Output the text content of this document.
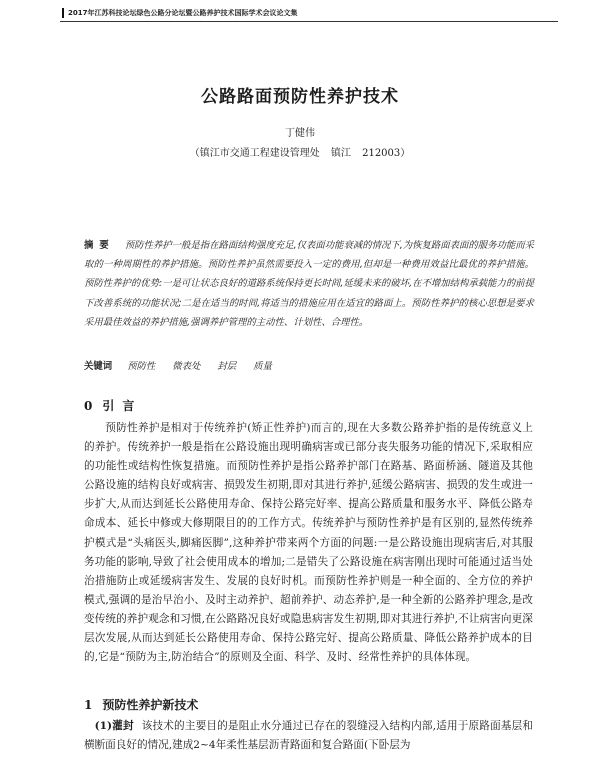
2017年江苏科技论坛绿色公路分论坛暨公路养护技术国际学术会议论文集
公路路面预防性养护技术
丁健伟
（镇江市交通工程建设管理处 镇江 212003）
摘要 预防性养护一般是指在路面结构强度充足,仅表面功能衰减的情况下,为恢复路面表面的服务功能而采取的一种周期性的养护措施。预防性养护虽然需要投入一定的费用,但却是一种费用效益比最优的养护措施。预防性养护的优势:一是可让状态良好的道路系统保持更长时间,延缓未来的破坏,在不增加结构承载能力的前提下改善系统的功能状况;二是在适当的时间,将适当的措施应用在适宜的路面上。预防性养护的核心思想是要求采用最佳效益的养护措施,强调养护管理的主动性、计划性、合理性。
关键词 预防性 微表处 封层 质量
0 引言
预防性养护是相对于传统养护(矫正性养护)而言的,现在大多数公路养护指的是传统意义上的养护。传统养护一般是指在公路设施出现明确病害或已部分丧失服务功能的情况下,采取相应的功能性或结构性恢复措施。而预防性养护是指公路养护部门在路基、路面桥涵、隧道及其他公路设施的结构良好或病害、损毁发生初期,即对其进行养护,延缓公路病害、损毁的发生或进一步扩大,从而达到延长公路使用寿命、保持公路完好率、提高公路质量和服务水平、降低公路寿命成本、延长中修或大修期限目的的工作方式。传统养护与预防性养护是有区别的,显然传统养护模式是“头痛医头,脚痛医脚”,这种养护带来两个方面的问题:一是公路设施出现病害后,对其服务功能的影响,导致了社会使用成本的增加;二是错失了公路设施在病害刚出现时可能通过适当处治措施防止或延缓病害发生、发展的良好时机。而预防性养护则是一种全面的、全方位的养护模式,强调的是治早治小、及时主动养护、超前养护、动态养护,是一种全新的公路养护理念,是改变传统的养护观念和习惯,在公路路况良好或隐患病害发生初期,即对其进行养护,不让病害向更深层次发展,从而达到延长公路使用寿命、保持公路完好、提高公路质量、降低公路养护成本的目的,它是“预防为主,防治结合”的原则及全面、科学、及时、经常性养护的具体体现。
1 预防性养护新技术
(1)灌封 该技术的主要目的是阻止水分通过已存在的裂缝浸入结构内部,适用于原路面基层和横断面良好的情况,建成2~4年柔性基层沥青路面和复合路面(下卧层为
